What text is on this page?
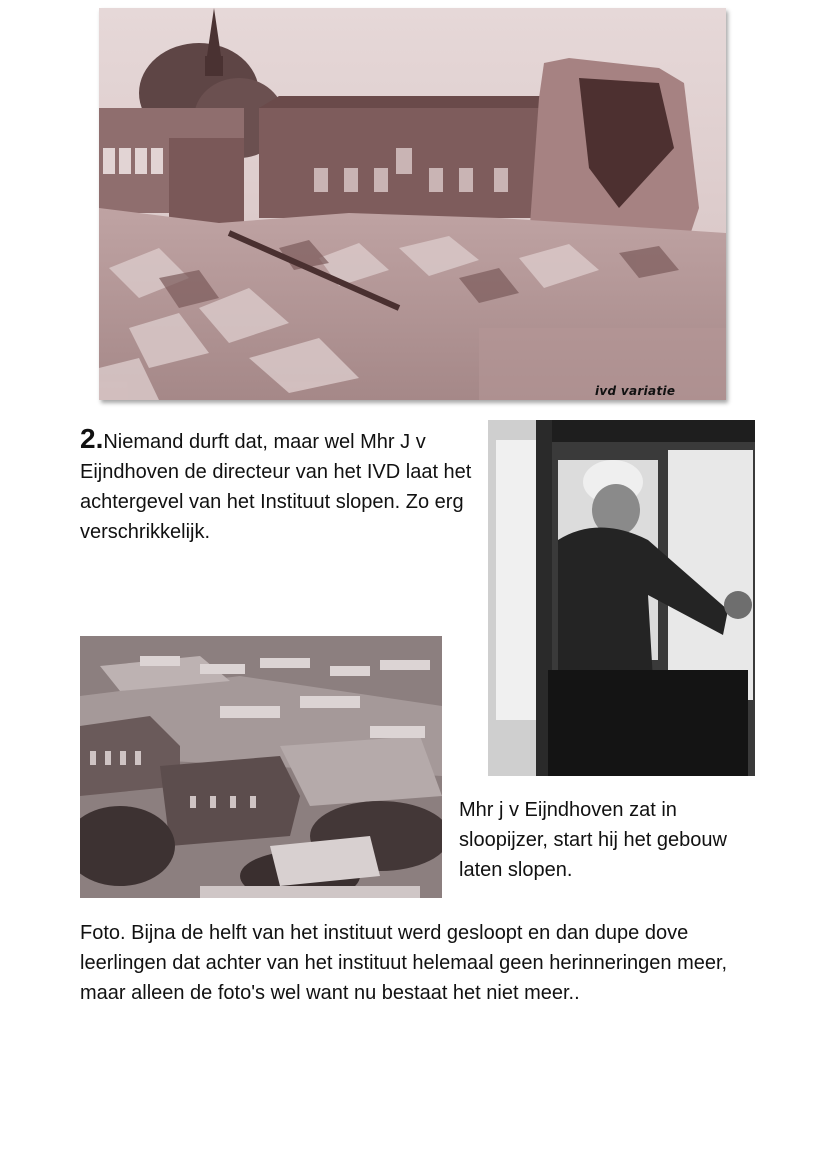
ivd variatie
2.Niemand durft dat, maar wel Mhr J v Eijndhoven de directeur van het IVD laat het achtergevel van het Instituut slopen. Zo erg verschrikkelijk.
Mhr j v Eijndhoven zat in sloopijzer, start hij het gebouw laten slopen.
Foto. Bijna de helft van het instituut werd gesloopt en dan dupe dove leerlingen dat achter van het instituut helemaal geen herinneringen meer, maar alleen de foto's wel want nu bestaat het niet meer..
